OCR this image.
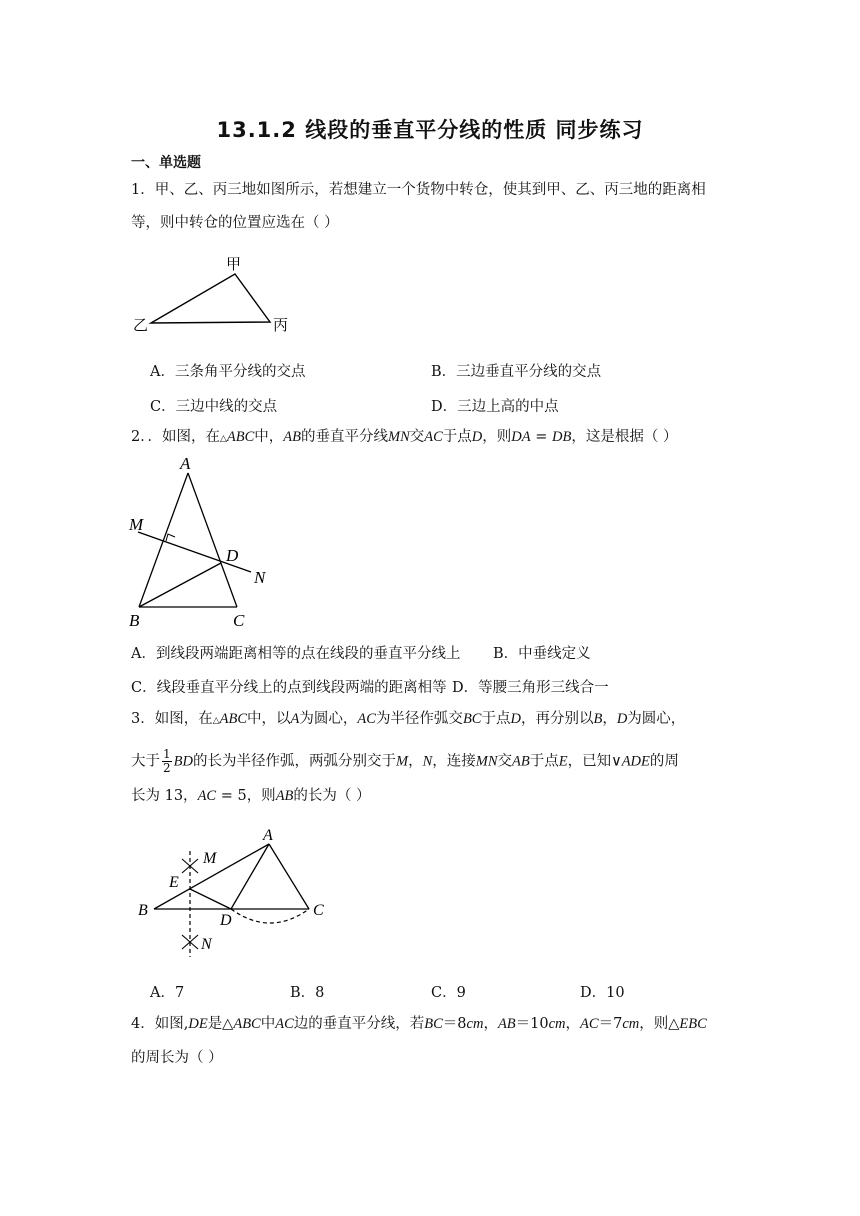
13.1.2 线段的垂直平分线的性质 同步练习
一、单选题
1．甲、乙、丙三地如图所示，若想建立一个货物中转仓，使其到甲、乙、丙三地的距离相
等，则中转仓的位置应选在（ ）
甲
乙	丙
A．三条角平分线的交点	B．三边垂直平分线的交点
C．三边中线的交点	D．三边上高的中点
2．．如图，在△ABC中，AB的垂直平分线MN交AC于点D，则DA = DB，这是根据（ ）
A
M
D
N
B	C
A．到线段两端距离相等的点在线段的垂直平分线上 B．中垂线定义
C．线段垂直平分线上的点到线段两端的距离相等 D．等腰三角形三线合一
3．如图，在△ABC中，以A为圆心，AC为半径作弧交BC于点D，再分别以B，D为圆心，
大于 $\frac{1}{2}$ BD的长为半径作弧，两弧分别交于M，N，连接MN交AB于点E，已知∨ADE的周
长为 13，AC = 5，则AB的长为（ ）
A
M
E
B
D
C
N
A．7	B．8	C．9	D．10
4．如图,DE是△ABC中AC边的垂直平分线，若BC＝8cm，AB＝10cm，AC＝7cm，则△EBC
的周长为（ ）
